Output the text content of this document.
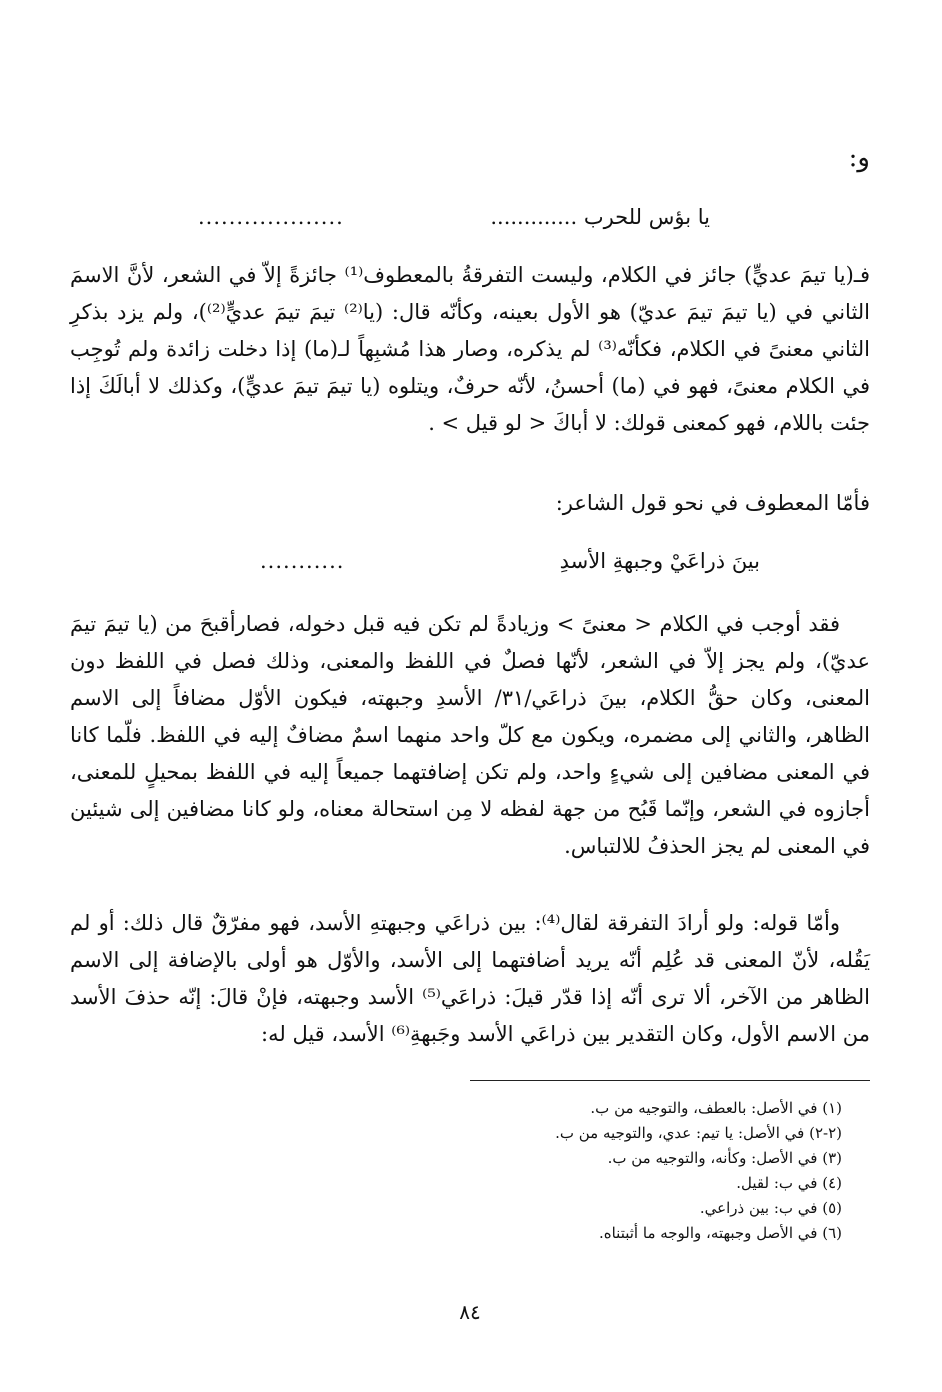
و:
يا بؤس للحرب .............
...................

فـ(يا تيمَ عديٍّ) جائز في الكلام، وليست التفرقةُ بالمعطوف⁽¹⁾ جائزةً إلاّ في الشعر، لأنَّ الاسمَ الثاني في (يا تيمَ تيمَ عديّ) هو الأول بعينه، وكأنّه قال: (يا⁽²⁾ تيمَ تيمَ عديٍّ⁽²⁾)، ولم يزد بذكرِ الثاني معنىً في الكلام، فكأنّه⁽³⁾ لم يذكره، وصار هذا مُشبِهاً لـ(ما) إذا دخلت زائدة ولم تُوجِب في الكلام معنىً، فهو في (ما) أحسنُ، لأنّه حرفٌ، ويتلوه (يا تيمَ تيمَ عديٍّ)، وكذلك لا أبالَكَ إذا جئت باللام، فهو كمعنى قولك: لا أباكَ < لو قيل > .

فأمّا المعطوف في نحو قول الشاعر:

بينَ ذراعَيْ وجبهةِ الأسدِ
...........

فقد أوجب في الكلام < معنىً > وزيادةً لم تكن فيه قبل دخوله، فصارأقبحَ من (يا تيمَ تيمَ عديّ)، ولم يجز إلاّ في الشعر، لأنّها فصلٌ في اللفظ والمعنى، وذلك فصل في اللفظ دون المعنى، وكان حقُّ الكلام، بينَ ذراعَي/٣١/ الأسدِ وجبهته، فيكون الأوّل مضافاً إلى الاسم الظاهر، والثاني إلى مضمره، ويكون مع كلّ واحد منهما اسمٌ مضافٌ إليه في اللفظ. فلّما كانا في المعنى مضافين إلى شيءٍ واحد، ولم تكن إضافتهما جميعاً إليه في اللفظ بمحيلٍ للمعنى، أجازوه في الشعر، وإنّما قَبُح من جهة لفظه لا مِن استحالة معناه، ولو كانا مضافين إلى شيئين في المعنى لم يجز الحذفُ للالتباس.

وأمّا قوله: ولو أرادَ التفرقة لقال⁽⁴⁾: بين ذراعَي وجبهتهِ الأسد، فهو مفرّقٌ قال ذلك: أو لم يَقُله، لأنّ المعنى قد عُلِم أنّه يريد أضافتهما إلى الأسد، والأوّل هو أولى بالإضافة إلى الاسم الظاهر من الآخر، ألا ترى أنّه إذا قدّر قيلَ: ذراعَي⁽⁵⁾ الأسد وجبهته، فإنْ قالَ: إنّه حذفَ الأسد من الاسم الأول، وكان التقدير بين ذراعَي الأسد وجَبهةِ⁽⁶⁾ الأسد، قيل له:

(١) في الأصل: بالعطف، والتوجيه من ب.
(٢-٢) في الأصل: يا تيم: عدي، والتوجيه من ب.
(٣) في الأصل: وكأنه، والتوجيه من ب.
(٤) في ب: لقيل.
(٥) في ب: بين ذراعي.
(٦) في الأصل وجبهته، والوجه ما أثبتناه.
٨٤
